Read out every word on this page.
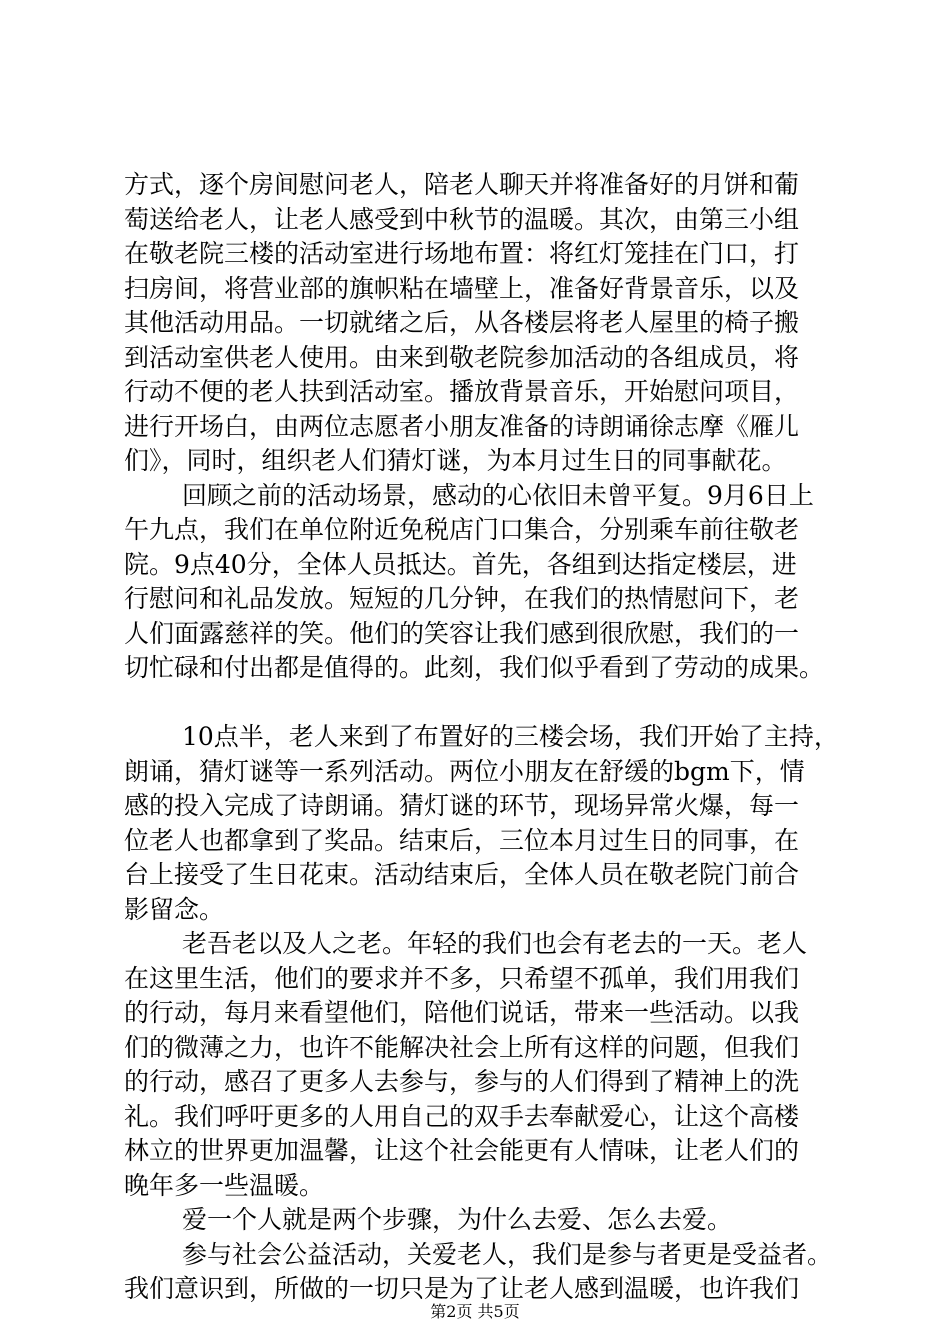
方式，逐个房间慰问老人，陪老人聊天并将准备好的月饼和葡
萄送给老人，让老人感受到中秋节的温暖。其次，由第三小组
在敬老院三楼的活动室进行场地布置：将红灯笼挂在门口，打
扫房间，将营业部的旗帜粘在墙壁上，准备好背景音乐，以及
其他活动用品。一切就绪之后，从各楼层将老人屋里的椅子搬
到活动室供老人使用。由来到敬老院参加活动的各组成员，将
行动不便的老人扶到活动室。播放背景音乐，开始慰问项目，
进行开场白，由两位志愿者小朋友准备的诗朗诵徐志摩《雁儿
们》，同时，组织老人们猜灯谜，为本月过生日的同事献花。
回顾之前的活动场景，感动的心依旧未曾平复。9月6日上
午九点，我们在单位附近免税店门口集合，分别乘车前往敬老
院。9点40分，全体人员抵达。首先，各组到达指定楼层，进
行慰问和礼品发放。短短的几分钟，在我们的热情慰问下，老
人们面露慈祥的笑。他们的笑容让我们感到很欣慰，我们的一
切忙碌和付出都是值得的。此刻，我们似乎看到了劳动的成果。
10点半，老人来到了布置好的三楼会场，我们开始了主持，
朗诵，猜灯谜等一系列活动。两位小朋友在舒缓的bgm下，情
感的投入完成了诗朗诵。猜灯谜的环节，现场异常火爆，每一
位老人也都拿到了奖品。结束后，三位本月过生日的同事，在
台上接受了生日花束。活动结束后，全体人员在敬老院门前合
影留念。
老吾老以及人之老。年轻的我们也会有老去的一天。老人
在这里生活，他们的要求并不多，只希望不孤单，我们用我们
的行动，每月来看望他们，陪他们说话，带来一些活动。以我
们的微薄之力，也许不能解决社会上所有这样的问题，但我们
的行动，感召了更多人去参与，参与的人们得到了精神上的洗
礼。我们呼吁更多的人用自己的双手去奉献爱心，让这个高楼
林立的世界更加温馨，让这个社会能更有人情味，让老人们的
晚年多一些温暖。
爱一个人就是两个步骤，为什么去爱、怎么去爱。
参与社会公益活动，关爱老人，我们是参与者更是受益者。
我们意识到，所做的一切只是为了让老人感到温暖，也许我们
第2页 共5页
